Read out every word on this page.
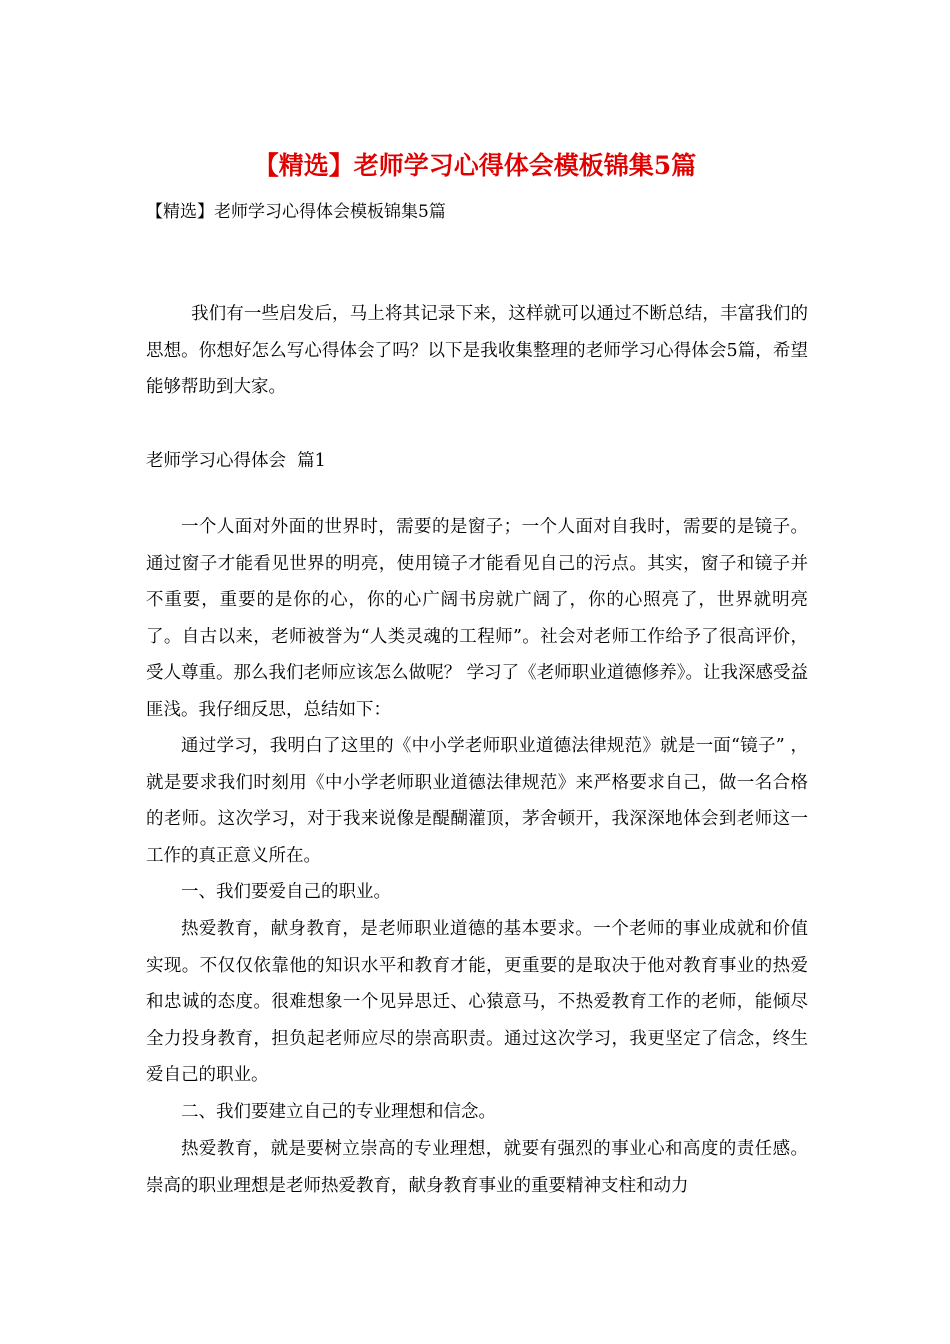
【精选】老师学习心得体会模板锦集5篇

【精选】老师学习心得体会模板锦集5篇

我们有一些启发后，马上将其记录下来，这样就可以通过不断总结，丰富我们的思想。你想好怎么写心得体会了吗？以下是我收集整理的老师学习心得体会5篇，希望能够帮助到大家。

老师学习心得体会  篇1

一个人面对外面的世界时，需要的是窗子；一个人面对自我时，需要的是镜子。通过窗子才能看见世界的明亮，使用镜子才能看见自己的污点。其实，窗子和镜子并不重要，重要的是你的心，你的心广阔书房就广阔了，你的心照亮了，世界就明亮了。自古以来，老师被誉为“人类灵魂的工程师”。社会对老师工作给予了很高评价，受人尊重。那么我们老师应该怎么做呢？ 学习了《老师职业道德修养》。让我深感受益匪浅。我仔细反思，总结如下：

通过学习，我明白了这里的《中小学老师职业道德法律规范》就是一面“镜子” ，就是要求我们时刻用《中小学老师职业道德法律规范》来严格要求自己，做一名合格的老师。这次学习，对于我来说像是醍醐灌顶，茅舍顿开，我深深地体会到老师这一工作的真正意义所在。

一、我们要爱自己的职业。

热爱教育，献身教育，是老师职业道德的基本要求。一个老师的事业成就和价值实现。不仅仅依靠他的知识水平和教育才能，更重要的是取决于他对教育事业的热爱和忠诚的态度。很难想象一个见异思迁、心猿意马，不热爱教育工作的老师，能倾尽全力投身教育，担负起老师应尽的崇高职责。通过这次学习，我更坚定了信念，终生爱自己的职业。

二、我们要建立自己的专业理想和信念。

热爱教育，就是要树立崇高的专业理想，就要有强烈的事业心和高度的责任感。崇高的职业理想是老师热爱教育，献身教育事业的重要精神支柱和动力
